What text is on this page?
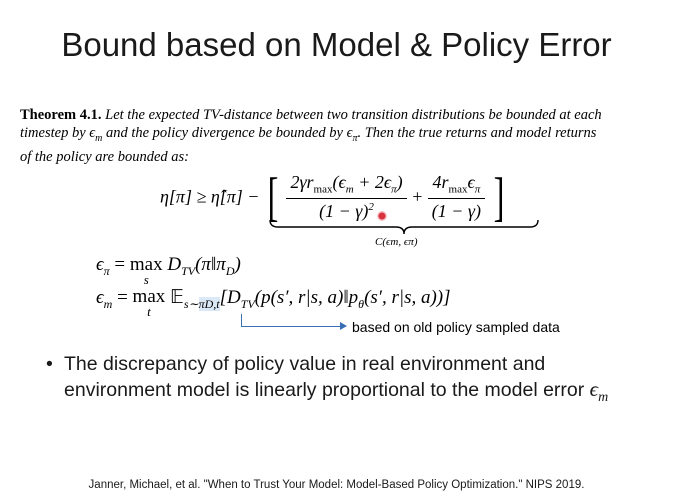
Bound based on Model & Policy Error
Theorem 4.1. Let the expected TV-distance between two transition distributions be bounded at each
timestep by $\epsilon_m$ and the policy divergence be bounded by $\epsilon_\pi$. Then the true returns and model returns
of the policy are bounded as:
η[π] ≥ η̂[π] − [ $\frac{2\gamma r_{max}(\epsilon_m + 2\epsilon_\pi)}{(1 - \gamma)^2} + \frac{4r_{max}\epsilon_\pi}{(1 - \gamma)}$ ]
C(ϵm, ϵπ)
$\epsilon_\pi = \max$
s
$D_{TV}(\pi‖\pi_D)$
$\epsilon_m = \max$
t
$𝔼_{s\sim\pi D,t}[D_{TV}(p(s'$, r|s, $a)‖p_\theta(s'$, r|s, a))]
based on old policy sampled data
• The discrepancy of policy value in real environment and environment model is linearly proportional to the model error $\epsilon_m$
Janner, Michael, et al. "When to Trust Your Model: Model-Based Policy Optimization." NIPS 2019.
